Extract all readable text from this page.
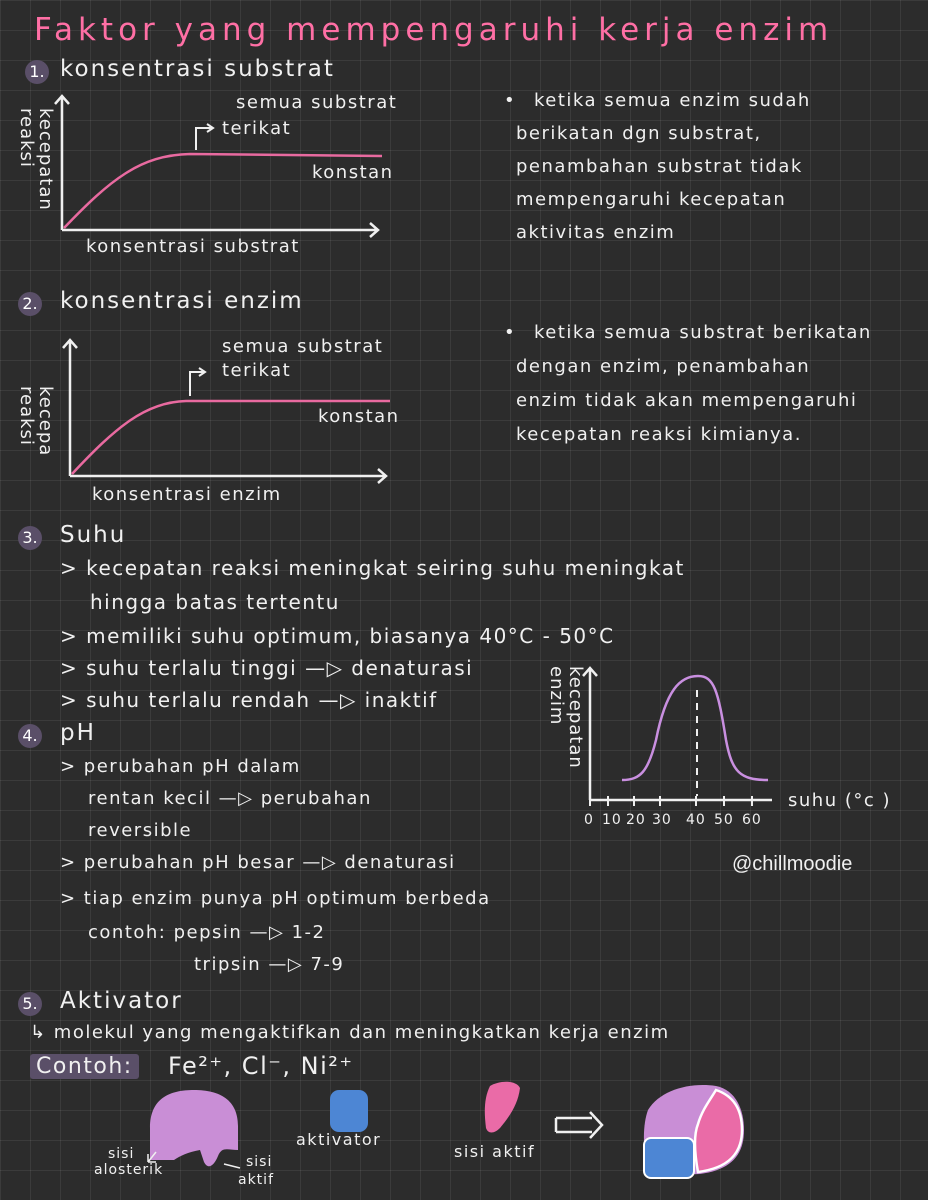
Faktor yang mempengaruhi kerja enzim
1. konsentrasi substrat
kecepatan
reaksi
semua substrat
terikat
konstan
konsentrasi substrat
• ketika semua enzim sudah
berikatan dgn substrat,
penambahan substrat tidak
mempengaruhi kecepatan
aktivitas enzim
2. konsentrasi enzim
kecepa
reaksi
semua substrat
terikat
konstan
konsentrasi enzim
• ketika semua substrat berikatan
dengan enzim, penambahan
enzim tidak akan mempengaruhi
kecepatan reaksi kimianya.
3. Suhu
> kecepatan reaksi meningkat seiring suhu meningkat
hingga batas tertentu
> memiliki suhu optimum, biasanya 40°C - 50°C
> suhu terlalu tinggi —▷ denaturasi
> suhu terlalu rendah —▷ inaktif	kecepatan
enzim
0 10 20 30 40 50 60
suhu (°c )
4. pH
> perubahan pH dalam
rentan kecil —▷ perubahan
reversible
> perubahan pH besar —▷ denaturasi
> tiap enzim punya pH optimum berbeda
contoh: pepsin —▷ 1-2
tripsin —▷ 7-9
@chillmoodie
5. Aktivator
↳ molekul yang mengaktifkan dan meningkatkan kerja enzim
Contoh: Fe²⁺, Cl⁻, Ni²⁺
sisi
alosterik	sisi
aktif
aktivator
sisi aktif
